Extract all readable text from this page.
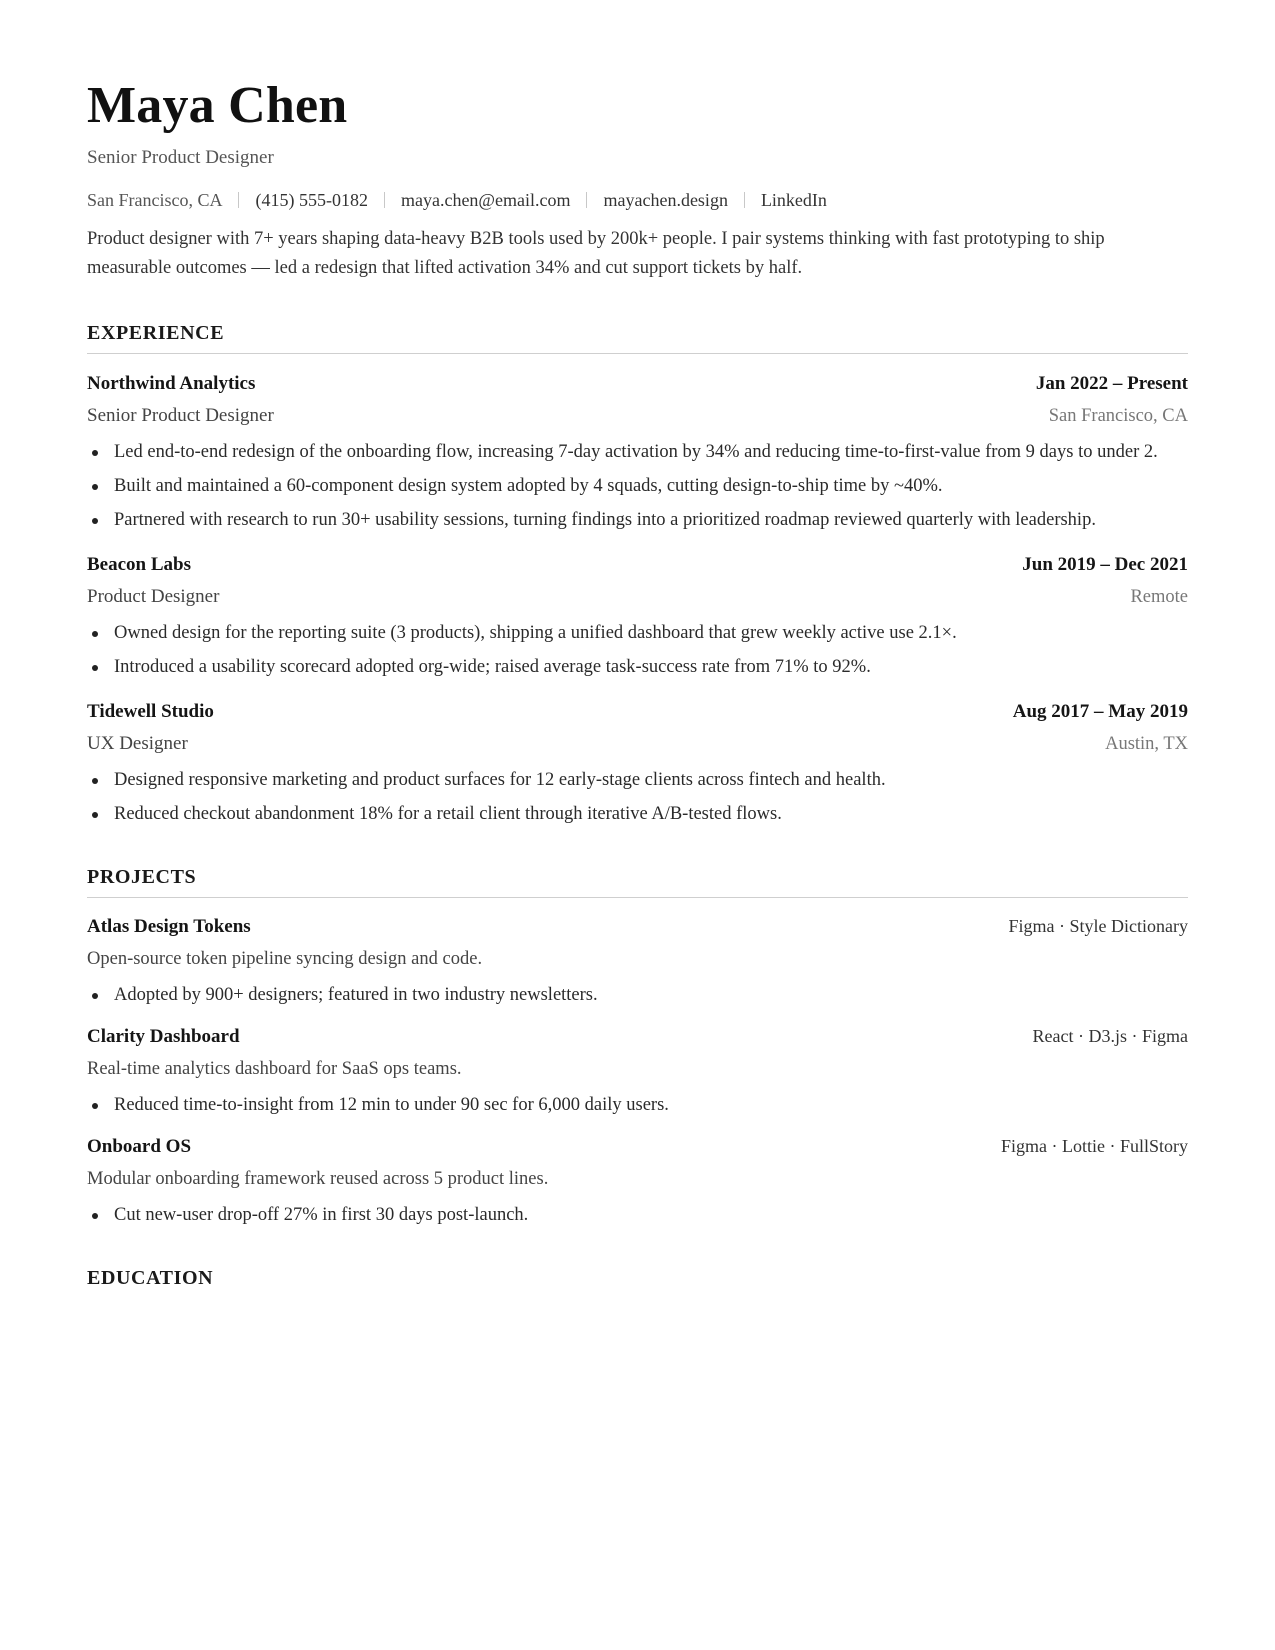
Maya Chen
Senior Product Designer
San Francisco, CA (415) 555-0182 maya.chen@email.com mayachen.design LinkedIn
Product designer with 7+ years shaping data-heavy B2B tools used by 200k+ people. I pair systems thinking with fast prototyping to ship measurable outcomes — led a redesign that lifted activation 34% and cut support tickets by half.
EXPERIENCE
Northwind Analytics	Jan 2022 – Present
Senior Product Designer	San Francisco, CA
Led end-to-end redesign of the onboarding flow, increasing 7-day activation by 34% and reducing time-to-first-value from 9 days to under 2.
Built and maintained a 60-component design system adopted by 4 squads, cutting design-to-ship time by ~40%.
Partnered with research to run 30+ usability sessions, turning findings into a prioritized roadmap reviewed quarterly with leadership.
Beacon Labs	Jun 2019 – Dec 2021
Product Designer	Remote
Owned design for the reporting suite (3 products), shipping a unified dashboard that grew weekly active use 2.1×.
Introduced a usability scorecard adopted org-wide; raised average task-success rate from 71% to 92%.
Tidewell Studio	Aug 2017 – May 2019
UX Designer	Austin, TX
Designed responsive marketing and product surfaces for 12 early-stage clients across fintech and health.
Reduced checkout abandonment 18% for a retail client through iterative A/B-tested flows.
PROJECTS
Atlas Design Tokens	Figma · Style Dictionary
Open-source token pipeline syncing design and code.
Adopted by 900+ designers; featured in two industry newsletters.
Clarity Dashboard	React · D3.js · Figma
Real-time analytics dashboard for SaaS ops teams.
Reduced time-to-insight from 12 min to under 90 sec for 6,000 daily users.
Onboard OS	Figma · Lottie · FullStory
Modular onboarding framework reused across 5 product lines.
Cut new-user drop-off 27% in first 30 days post-launch.
EDUCATION
